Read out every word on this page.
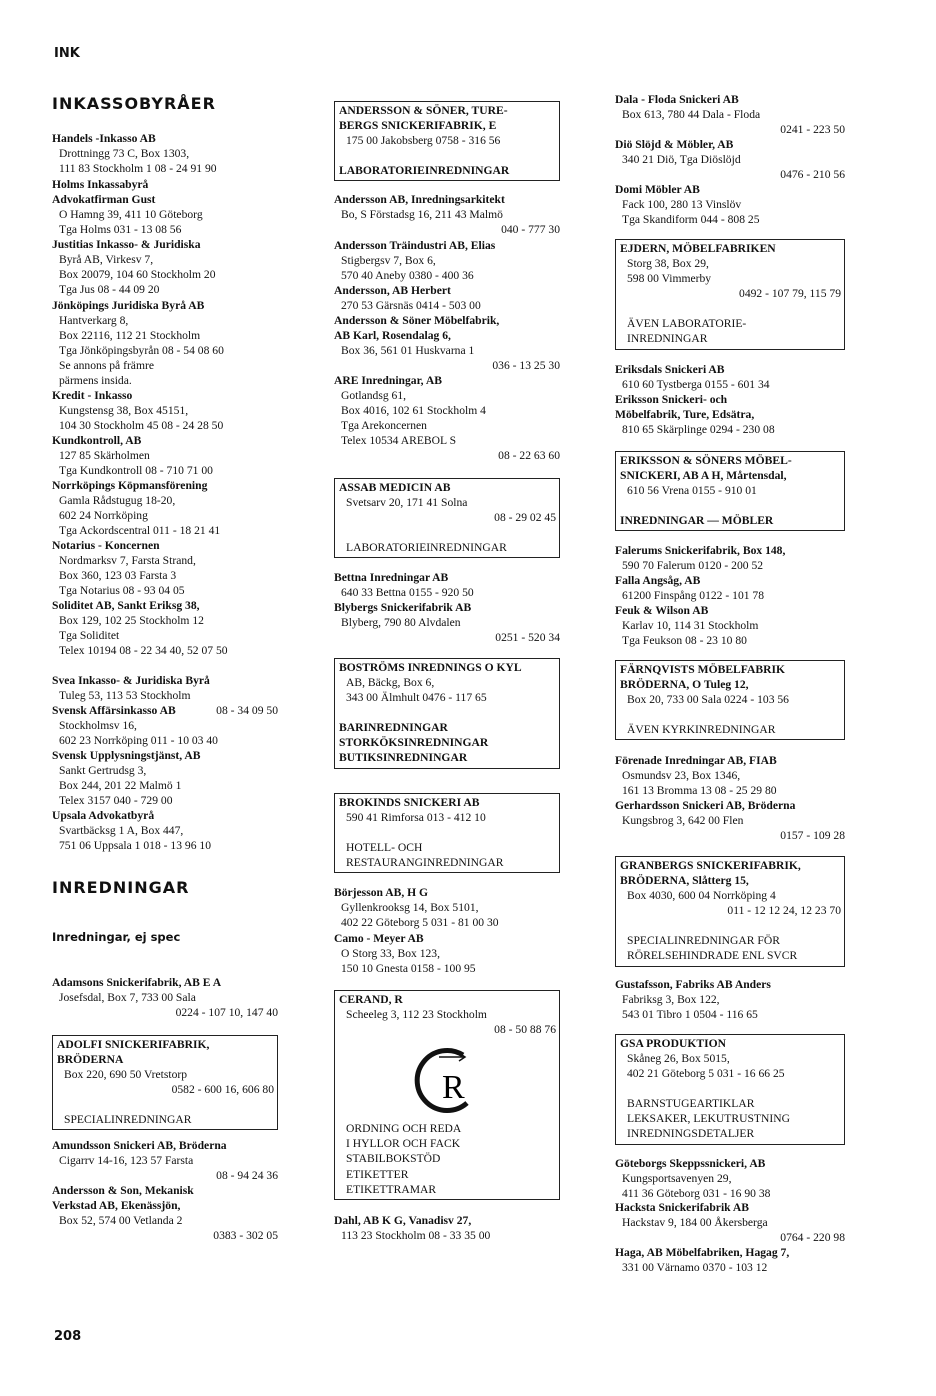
INK
208
INKASSOBYRÅER
Handels -Inkasso AB
Drottningg 73 C, Box 1303,
111 83 Stockholm 1 08 - 24 91 90
Holms Inkassabyrå
Advokatfirman Gust
O Hamng 39, 411 10 Göteborg
Tga Holms 031 - 13 08 56
Justitias Inkasso- & Juridiska
Byrå AB, Virkesv 7,
Box 20079, 104 60 Stockholm 20
Tga Jus 08 - 44 09 20
Jönköpings Juridiska Byrå AB
Hantverkarg 8,
Box 22116, 112 21 Stockholm
Tga Jönköpingsbyrån 08 - 54 08 60
Se annons på främre
pärmens insida.
Kredit - Inkasso
Kungstensg 38, Box 45151,
104 30 Stockholm 45 08 - 24 28 50
Kundkontroll, AB
127 85 Skärholmen
Tga Kundkontroll 08 - 710 71 00
Norrköpings Köpmansförening
Gamla Rådstugug 18-20,
602 24 Norrköping
Tga Ackordscentral 011 - 18 21 41
Notarius - Koncernen
Nordmarksv 7, Farsta Strand,
Box 360, 123 03 Farsta 3
Tga Notarius 08 - 93 04 05
Soliditet AB, Sankt Eriksg 38,
Box 129, 102 25 Stockholm 12
Tga Soliditet
Telex 10194 08 - 22 34 40, 52 07 50
Svea Inkasso- & Juridiska Byrå
Tuleg 53, 113 53 Stockholm
08 - 34 09 50
Svensk Affärsinkasso AB
Stockholmsv 16,
602 23 Norrköping 011 - 10 03 40
Svensk Upplysningstjänst, AB
Sankt Gertrudsg 3,
Box 244, 201 22 Malmö 1
Telex 3157 040 - 729 00
Upsala Advokatbyrå
Svartbäcksg 1 A, Box 447,
751 06 Uppsala 1 018 - 13 96 10
INREDNINGAR
Inredningar, ej spec
Adamsons Snickerifabrik, AB E A
Josefsdal, Box 7, 733 00 Sala
0224 - 107 10, 147 40
ADOLFI SNICKERIFABRIK,
BRÖDERNA
Box 220, 690 50 Vretstorp
0582 - 600 16, 606 80
SPECIALINREDNINGAR
Amundsson Snickeri AB, Bröderna
Cigarrv 14-16, 123 57 Farsta
08 - 94 24 36
Andersson & Son, Mekanisk
Verkstad AB, Ekenässjön,
Box 52, 574 00 Vetlanda 2
0383 - 302 05
ANDERSSON & SÖNER, TURE-
BERGS SNICKERIFABRIK, E
175 00 Jakobsberg 0758 - 316 56
LABORATORIEINREDNINGAR
Andersson AB, Inredningsarkitekt
Bo, S Förstadsg 16, 211 43 Malmö
040 - 777 30
Andersson Träindustri AB, Elias
Stigbergsv 7, Box 6,
570 40 Aneby 0380 - 400 36
Andersson, AB Herbert
270 53 Gärsnäs 0414 - 503 00
Andersson & Söner Möbelfabrik,
AB Karl, Rosendalag 6,
Box 36, 561 01 Huskvarna 1
036 - 13 25 30
ARE Inredningar, AB
Gotlandsg 61,
Box 4016, 102 61 Stockholm 4
Tga Arekoncernen
Telex 10534 AREBOL S
08 - 22 63 60
ASSAB MEDICIN AB
Svetsarv 20, 171 41 Solna
08 - 29 02 45
LABORATORIEINREDNINGAR
Bettna Inredningar AB
640 33 Bettna 0155 - 920 50
Blybergs Snickerifabrik AB
Blyberg, 790 80 Alvdalen
0251 - 520 34
BOSTRÖMS INREDNINGS O KYL
AB, Bäckg, Box 6,
343 00 Älmhult 0476 - 117 65
BARINREDNINGAR
STORKÖKSINREDNINGAR
BUTIKSINREDNINGAR
BROKINDS SNICKERI AB
590 41 Rimforsa 013 - 412 10
HOTELL- OCH
RESTAURANGINREDNINGAR
Börjesson AB, H G
Gyllenkrooksg 14, Box 5101,
402 22 Göteborg 5 031 - 81 00 30
Camo - Meyer AB
O Storg 33, Box 123,
150 10 Gnesta 0158 - 100 95
CERAND, R
Scheeleg 3, 112 23 Stockholm
08 - 50 88 76
R
ORDNING OCH REDA
I HYLLOR OCH FACK
STABILBOKSTÖD
ETIKETTER
ETIKETTRAMAR
Dahl, AB K G, Vanadisv 27,
113 23 Stockholm 08 - 33 35 00
Dala - Floda Snickeri AB
Box 613, 780 44 Dala - Floda
0241 - 223 50
Diö Slöjd & Möbler, AB
340 21 Diö, Tga Diöslöjd
0476 - 210 56
Domi Möbler AB
Fack 100, 280 13 Vinslöv
Tga Skandiform 044 - 808 25
EJDERN, MÖBELFABRIKEN
Storg 38, Box 29,
598 00 Vimmerby
0492 - 107 79, 115 79
ÄVEN LABORATORIE-
INREDNINGAR
Eriksdals Snickeri AB
610 60 Tystberga 0155 - 601 34
Eriksson Snickeri- och
Möbelfabrik, Ture, Edsätra,
810 65 Skärplinge 0294 - 230 08
ERIKSSON & SÖNERS MÖBEL-
SNICKERI, AB A H, Mårtensdal,
610 56 Vrena 0155 - 910 01
INREDNINGAR — MÖBLER
Falerums Snickerifabrik, Box 148,
590 70 Falerum 0120 - 200 52
Falla Angsåg, AB
61200 Finspång 0122 - 101 78
Feuk & Wilson AB
Karlav 10, 114 31 Stockholm
Tga Feukson 08 - 23 10 80
FÄRNQVISTS MÖBELFABRIK
BRÖDERNA, O Tuleg 12,
Box 20, 733 00 Sala 0224 - 103 56
ÄVEN KYRKINREDNINGAR
Förenade Inredningar AB, FIAB
Osmundsv 23, Box 1346,
161 13 Bromma 13 08 - 25 29 80
Gerhardsson Snickeri AB, Bröderna
Kungsbrog 3, 642 00 Flen
0157 - 109 28
GRANBERGS SNICKERIFABRIK,
BRÖDERNA, Slåtterg 15,
Box 4030, 600 04 Norrköping 4
011 - 12 12 24, 12 23 70
SPECIALINREDNINGAR FÖR
RÖRELSEHINDRADE ENL SVCR
Gustafsson, Fabriks AB Anders
Fabriksg 3, Box 122,
543 01 Tibro 1 0504 - 116 65
GSA PRODUKTION
Skåneg 26, Box 5015,
402 21 Göteborg 5 031 - 16 66 25
BARNSTUGEARTIKLAR
LEKSAKER, LEKUTRUSTNING
INREDNINGSDETALJER
Göteborgs Skeppssnickeri, AB
Kungsportsavenyen 29,
411 36 Göteborg 031 - 16 90 38
Hacksta Snickerifabrik AB
Hackstav 9, 184 00 Åkersberga
0764 - 220 98
Haga, AB Möbelfabriken, Hagag 7,
331 00 Värnamo 0370 - 103 12
